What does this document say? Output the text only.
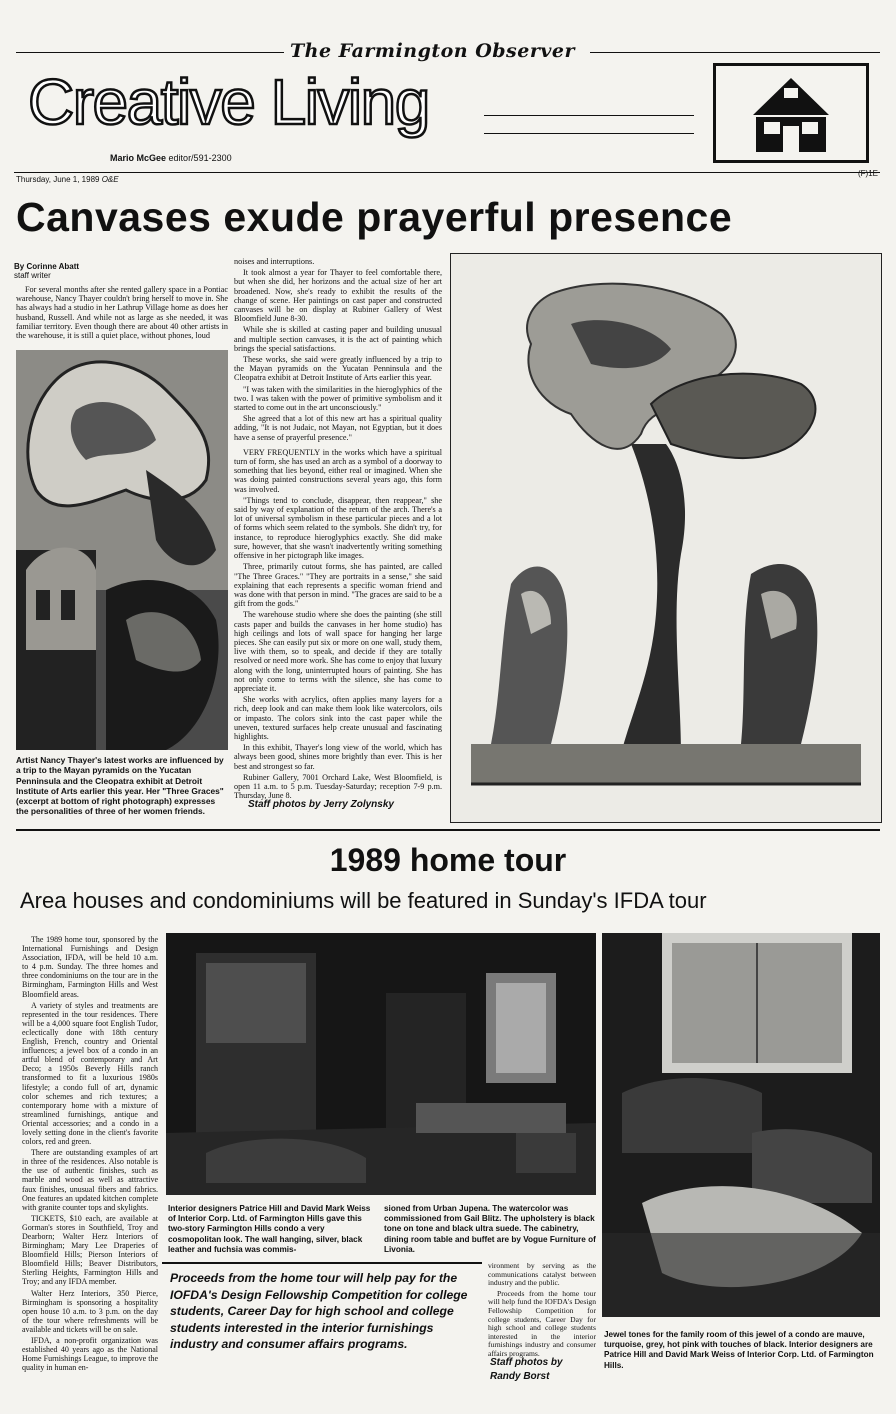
The Farmington Observer
Creative Living
Mario McGee editor/591-2300
Thursday, June 1, 1989 O&E
(F)1E
Canvases exude prayerful presence
By Corinne Abatt
staff writer

For several months after she rented gallery space in a Pontiac warehouse, Nancy Thayer couldn't bring herself to move in. She has always had a studio in her Lathrup Village home as does her husband, Russell. And while not as large as she needed, it was familiar territory. Even though there are about 40 other artists in the warehouse, it is still a quiet place, without phones, loud

Artist Nancy Thayer's latest works are influenced by a trip to the Mayan pyramids on the Yucatan Penninsula and the Cleopatra exhibit at Detroit Institute of Arts earlier this year. Her "Three Graces" (excerpt at bottom of right photograph) expresses the personalities of three of her women friends.

noises and interruptions.

It took almost a year for Thayer to feel comfortable there, but when she did, her horizons and the actual size of her art broadened. Now, she's ready to exhibit the results of the change of scene. Her paintings on cast paper and constructed canvases will be on display at Rubiner Gallery of West Bloomfield June 8-30.

While she is skilled at casting paper and building unusual and multiple section canvases, it is the act of painting which brings the special satisfactions.

These works, she said were greatly influenced by a trip to the Mayan pyramids on the Yucatan Penninsula and the Cleopatra exhibit at Detroit Institute of Arts earlier this year.

"I was taken with the similarities in the hieroglyphics of the two. I was taken with the power of primitive symbolism and it started to come out in the art unconsciously."

She agreed that a lot of this new art has a spiritual quality adding, "It is not Judaic, not Mayan, not Egyptian, but it does have a sense of prayerful presence."

VERY FREQUENTLY in the works which have a spiritual turn of form, she has used an arch as a symbol of a doorway to something that lies beyond, either real or imagined. When she was doing painted constructions several years ago, this form was involved.

"Things tend to conclude, disappear, then reappear," she said by way of explanation of the return of the arch. There's a lot of universal symbolism in these particular pieces and a lot of forms which seem related to the symbols. She didn't try, for instance, to reproduce hieroglyphics exactly. She did make sure, however, that she wasn't inadvertently writing something offensive in her pictograph like images.

Three, primarily cutout forms, she has painted, are called "The Three Graces." "They are portraits in a sense," she said explaining that each represents a specific woman friend and was done with that person in mind. "The graces are said to be a gift from the gods."

The warehouse studio where she does the painting (she still casts paper and builds the canvases in her home studio) has high ceilings and lots of wall space for hanging her large pieces. She can easily put six or more on one wall, study them, live with them, so to speak, and decide if they are totally resolved or need more work. She has come to enjoy that luxury along with the long, uninterrupted hours of painting. She has not only come to terms with the silence, she has come to appreciate it.

She works with acrylics, often applies many layers for a rich, deep look and can make them look like watercolors, oils or impasto. The colors sink into the cast paper while the uneven, textured surfaces help create unusual and fascinating highlights.

In this exhibit, Thayer's long view of the world, which has always been good, shines more brightly than ever. This is her best and strongest so far.

Rubiner Gallery, 7001 Orchard Lake, West Bloomfield, is open 11 a.m. to 5 p.m. Tuesday-Saturday; reception 7-9 p.m. Thursday, June 8.

Staff photos by Jerry Zolynsky
1989 home tour
Area houses and condominiums will be featured in Sunday's IFDA tour

The 1989 home tour, sponsored by the International Furnishings and Design Association, IFDA, will be held 10 a.m. to 4 p.m. Sunday. The three homes and three condominiums on the tour are in the Birmingham, Farmington Hills and West Bloomfield areas.

A variety of styles and treatments are represented in the tour residences. There will be a 4,000 square foot English Tudor, eclectically done with 18th century English, French, country and Oriental influences; a jewel box of a condo in an artful blend of contemporary and Art Deco; a 1950s Beverly Hills ranch transformed to fit a luxurious 1980s lifestyle; a condo full of art, dynamic color schemes and rich textures; a contemporary home with a mixture of streamlined furnishings, antique and Oriental accessories; and a condo in a lovely setting done in the client's favorite colors, red and green.

There are outstanding examples of art in three of the residences. Also notable is the use of authentic finishes, such as marble and wood as well as attractive faux finishes, unusual fibers and fabrics. One features an updated kitchen complete with granite counter tops and skylights.

TICKETS, $10 each, are available at Gorman's stores in Southfield, Troy and Dearborn; Walter Herz Interiors of Birmingham; Mary Lee Draperies of Bloomfield Hills; Pierson Interiors of Bloomfield Hills; Beaver Distributors, Sterling Heights, Farmington Hills and Troy; and any IFDA member.

Walter Herz Interiors, 350 Pierce, Birmingham is sponsoring a hospitality open house 10 a.m. to 3 p.m. on the day of the tour where refreshments will be available and tickets will be on sale.

IFDA, a non-profit organization was established 40 years ago as the National Home Furnishings League, to improve the quality in human en-

Interior designers Patrice Hill and David Mark Weiss of Interior Corp. Ltd. of Farmington Hills gave this two-story Farmington Hills condo a very cosmopolitan look. The wall hanging, silver, black leather and fuchsia was commis-
sioned from Urban Jupena. The watercolor was commissioned from Gail Blitz. The upholstery is black tone on tone and black ultra suede. The cabinetry, dining room table and buffet are by Vogue Furniture of Livonia.
Proceeds from the home tour will help pay for the IOFDA's Design Fellowship Competition for college students, Career Day for high school and college students interested in the interior furnishings industry and consumer affairs programs.

vironment by serving as the communications catalyst between industry and the public.

Proceeds from the home tour will help fund the IOFDA's Design Fellowship Competition for college students, Career Day for high school and college students interested in the interior furnishings industry and consumer affairs programs.

Staff photos by Randy Borst
Jewel tones for the family room of this jewel of a condo are mauve, turquoise, grey, hot pink with touches of black. Interior designers are Patrice Hill and David Mark Weiss of Interior Corp. Ltd. of Farmington Hills.
